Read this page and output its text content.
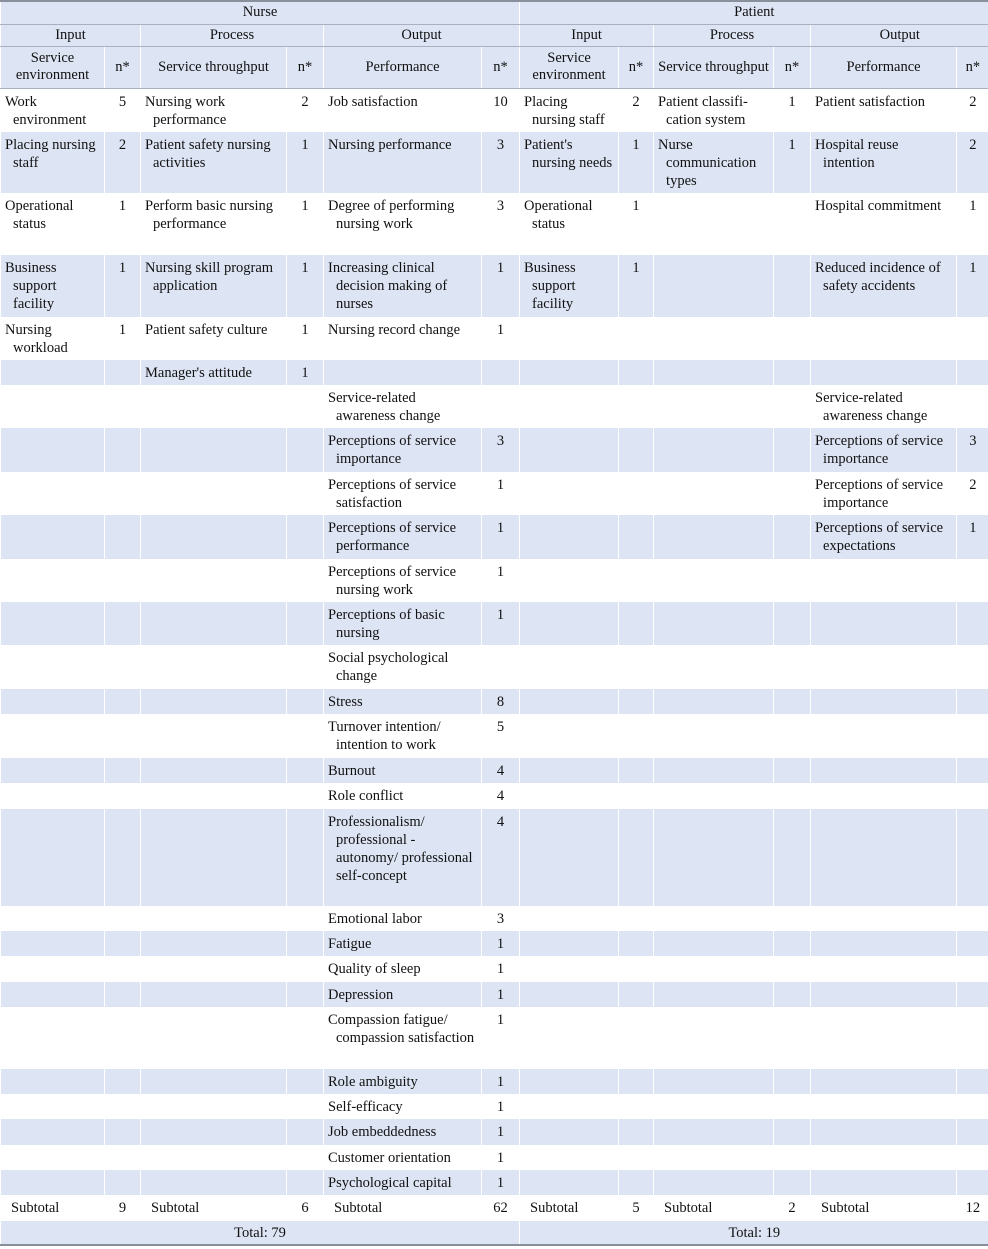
Nurse						Patient					
Input		Process		Output		Input		Process		Output	
Service environment	n*	Service throughput	n*	Performance	n*	Service environment	n*	Service throughput	n*	Performance	n*

Work environment	5	Nursing work performance	2	Job satisfaction	10	Placing nursing staff	2	Patient classifi-cation system	1	Patient satisfaction	2

Placing nursing staff	2	Patient safety nursing activities	1	Nursing performance	3	Patient's nursing needs	1	Nurse communication types	1	Hospital reuse intention	2

Operational status	1	Perform basic nursing performance	1	Degree of performing nursing work	3	Operational status	1			Hospital commitment	1

Business support facility	1	Nursing skill program application	1	Increasing clinical decision making of nurses	1	Business support facility	1			Reduced incidence of safety accidents	1

Nursing workload	1	Patient safety culture	1	Nursing record change	1	

		Manager's attitude	1	

				Service-related awareness change						Service-related awareness change	

				Perceptions of service importance	3					Perceptions of service importance	3

				Perceptions of service satisfaction	1					Perceptions of service importance	2

				Perceptions of service performance	1					Perceptions of service expectations	1

				Perceptions of service nursing work	1	

				Perceptions of basic nursing	1	

				Social psychological change							

				Stress	8	

				Turnover intention/ intention to work	5	

				Burnout	4	

				Role conflict	4	

				Professionalism/ professional -autonomy/ professional self-concept	4	

				Emotional labor	3	

				Fatigue	1	

				Quality of sleep	1	

				Depression	1	

				Compassion fatigue/ compassion satisfaction	1	

				Role ambiguity	1	

				Self-efficacy	1	

				Job embeddedness	1	

				Customer orientation	1	

				Psychological capital	1	

Subtotal	9	Subtotal	6	Subtotal	62	Subtotal	5	Subtotal	2	Subtotal	12
Total: 79						Total: 19					
